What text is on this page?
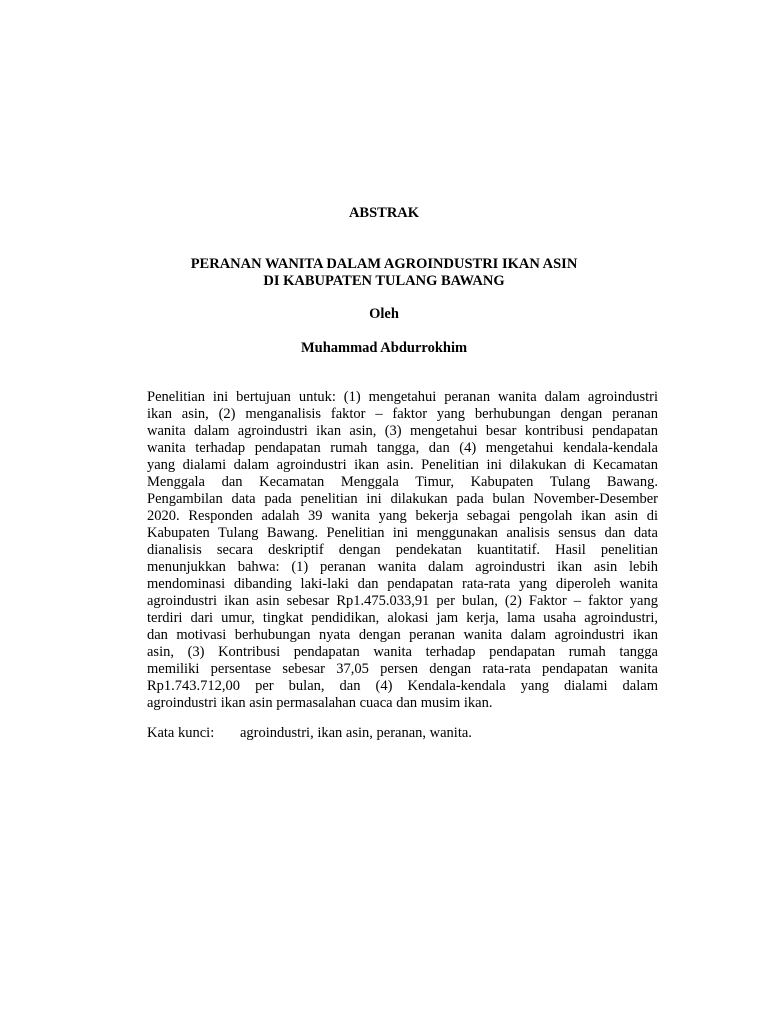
ABSTRAK
PERANAN WANITA DALAM AGROINDUSTRI IKAN ASIN
DI KABUPATEN TULANG BAWANG
Oleh
Muhammad Abdurrokhim
Penelitian ini bertujuan untuk: (1) mengetahui peranan wanita dalam agroindustri
ikan asin, (2) menganalisis faktor – faktor yang berhubungan dengan peranan
wanita dalam agroindustri ikan asin, (3) mengetahui besar kontribusi pendapatan
wanita terhadap pendapatan rumah tangga, dan (4) mengetahui kendala-kendala
yang dialami dalam agroindustri ikan asin. Penelitian ini dilakukan di Kecamatan
Menggala dan Kecamatan Menggala Timur, Kabupaten Tulang Bawang.
Pengambilan data pada penelitian ini dilakukan pada bulan November-Desember
2020. Responden adalah 39 wanita yang bekerja sebagai pengolah ikan asin di
Kabupaten Tulang Bawang. Penelitian ini menggunakan analisis sensus dan data
dianalisis secara deskriptif dengan pendekatan kuantitatif. Hasil penelitian
menunjukkan bahwa: (1) peranan wanita dalam agroindustri ikan asin lebih
mendominasi dibanding laki-laki dan pendapatan rata-rata yang diperoleh wanita
agroindustri ikan asin sebesar Rp1.475.033,91 per bulan, (2) Faktor – faktor yang
terdiri dari umur, tingkat pendidikan, alokasi jam kerja, lama usaha agroindustri,
dan motivasi berhubungan nyata dengan peranan wanita dalam agroindustri ikan
asin, (3) Kontribusi pendapatan wanita terhadap pendapatan rumah tangga
memiliki persentase sebesar 37,05 persen dengan rata-rata pendapatan wanita
Rp1.743.712,00 per bulan, dan (4) Kendala-kendala yang dialami dalam
agroindustri ikan asin permasalahan cuaca dan musim ikan.
Kata kunci: agroindustri, ikan asin, peranan, wanita.
